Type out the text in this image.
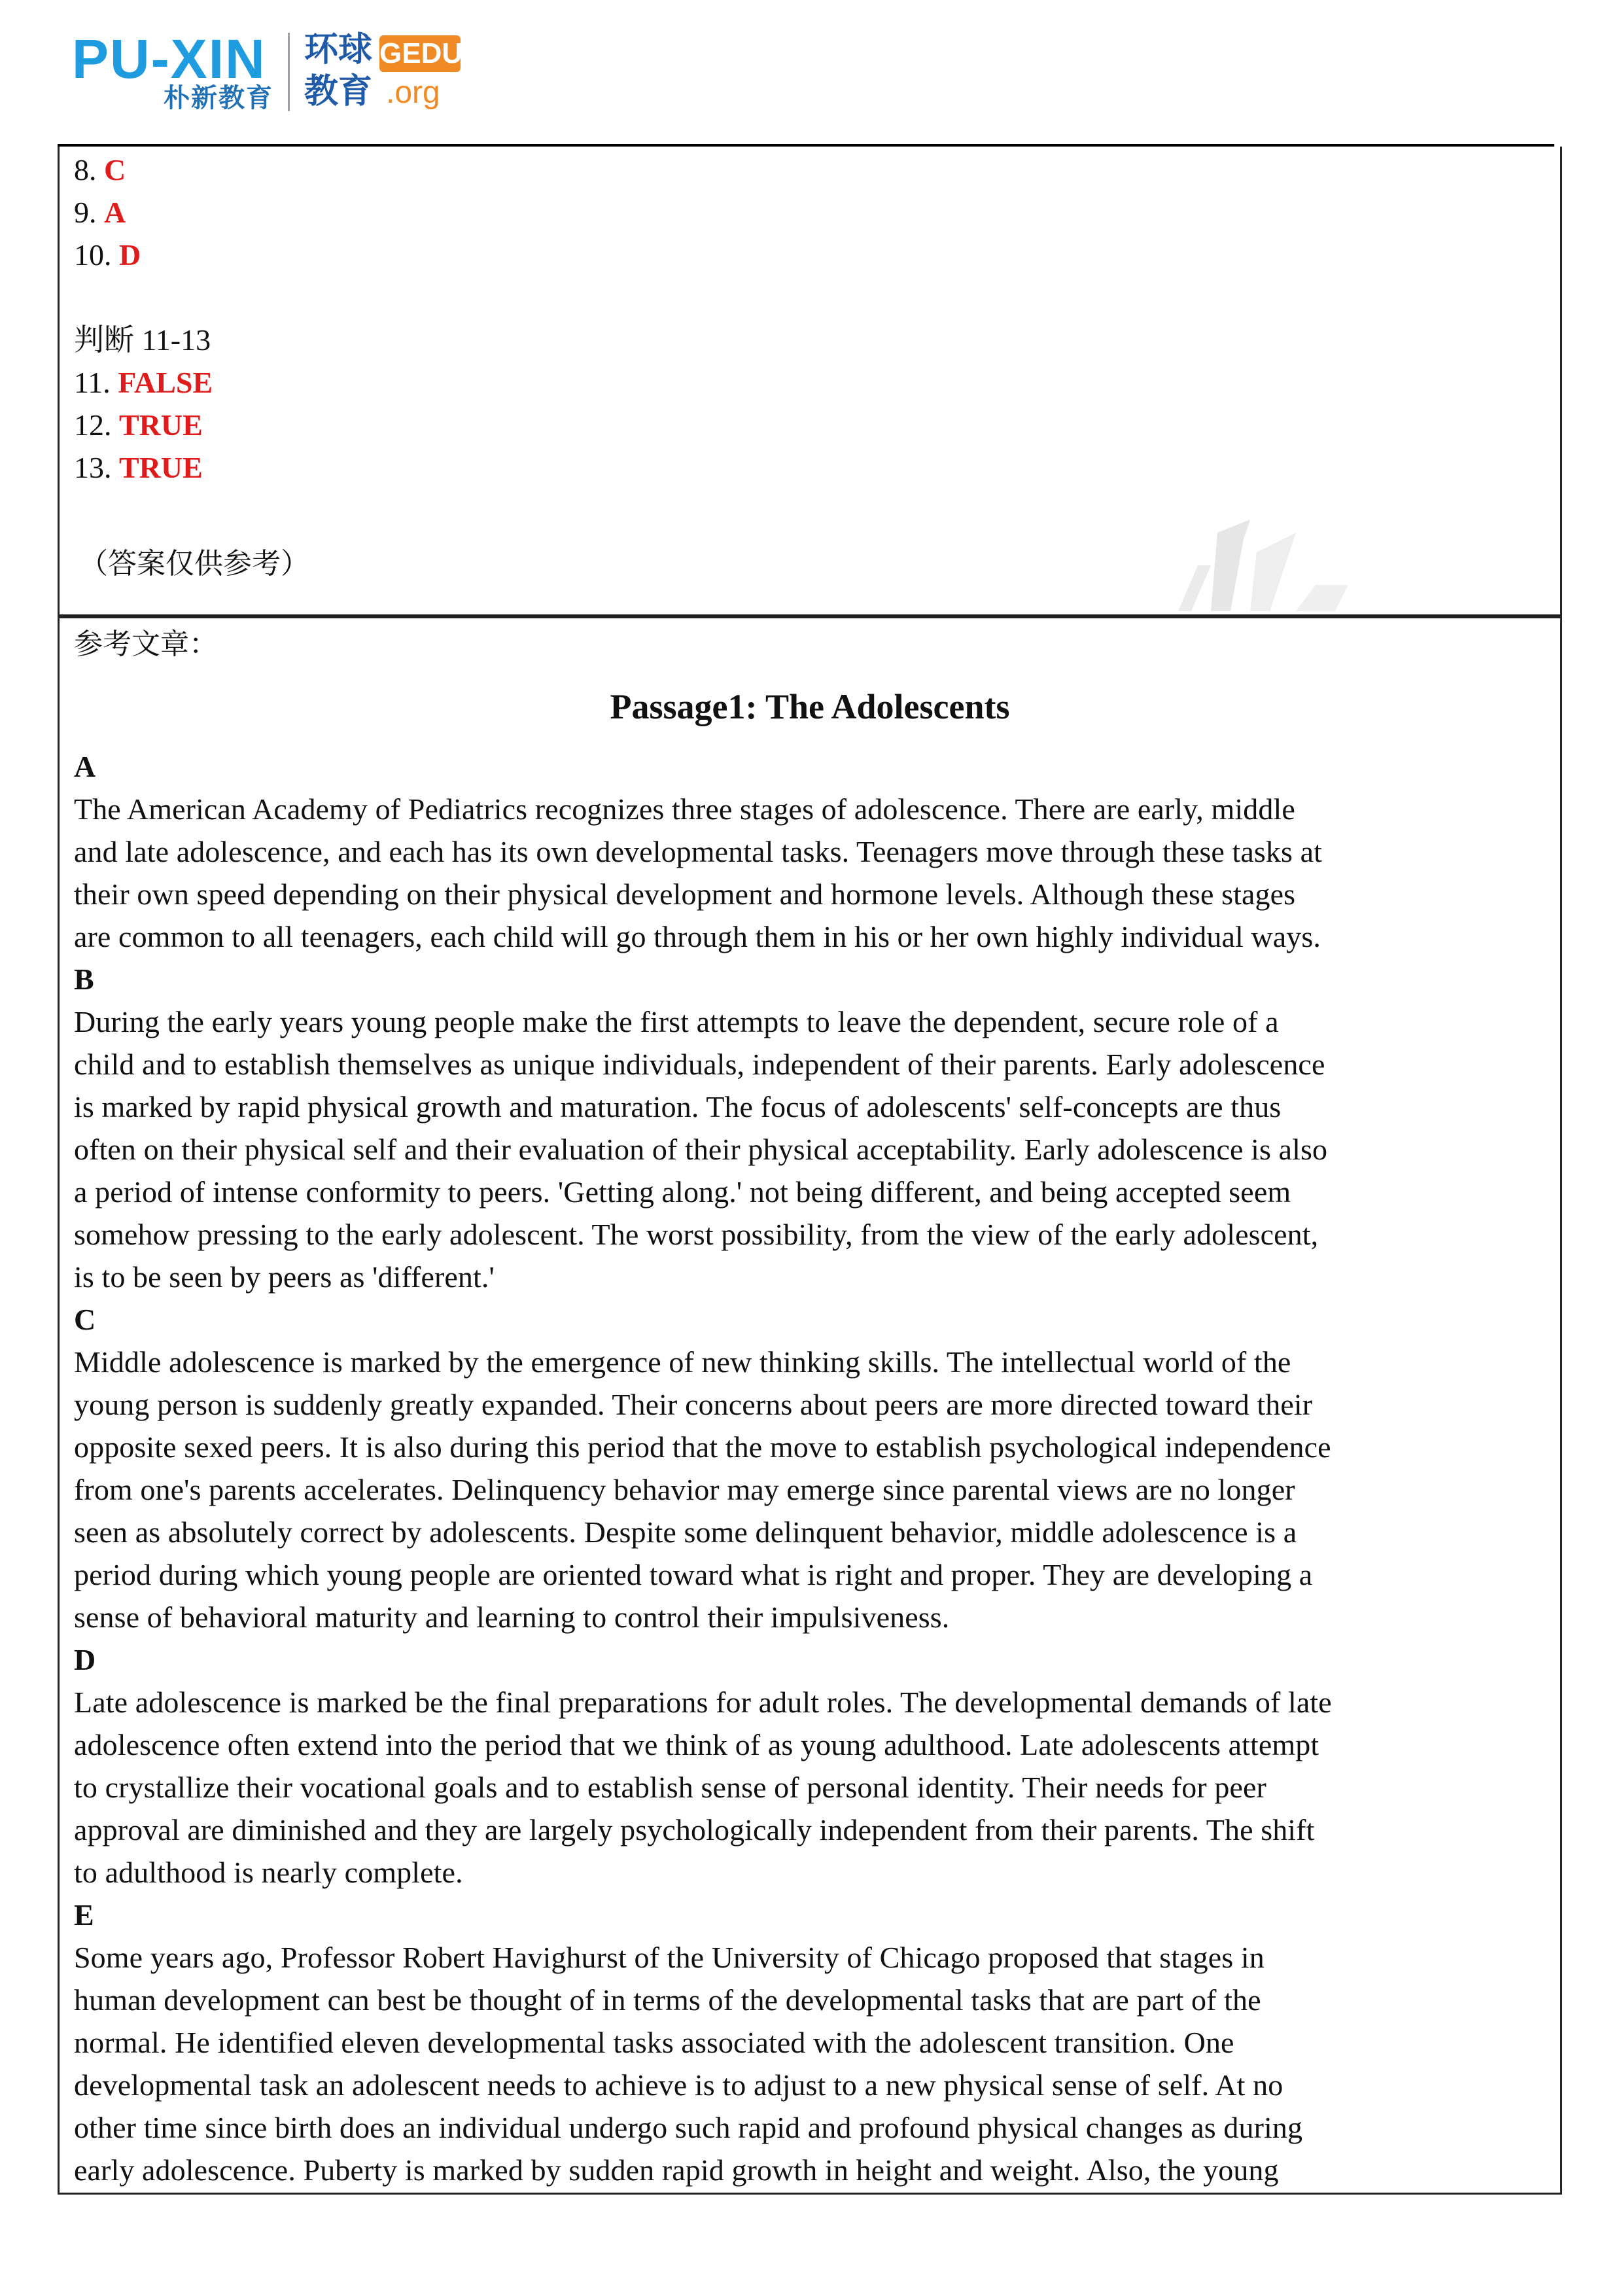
PU-XIN
朴新教育
环球
教育
GEDU
.org
8. C
9. A
10. D
判断 11-13
11. FALSE
12. TRUE
13. TRUE
（答案仅供参考）
参考文章：
Passage1: The Adolescents
A
The American Academy of Pediatrics recognizes three stages of adolescence. There are early, middle
and late adolescence, and each has its own developmental tasks. Teenagers move through these tasks at
their own speed depending on their physical development and hormone levels. Although these stages
are common to all teenagers, each child will go through them in his or her own highly individual ways.
B
During the early years young people make the first attempts to leave the dependent, secure role of a
child and to establish themselves as unique individuals, independent of their parents. Early adolescence
is marked by rapid physical growth and maturation. The focus of adolescents' self-concepts are thus
often on their physical self and their evaluation of their physical acceptability. Early adolescence is also
a period of intense conformity to peers. 'Getting along.' not being different, and being accepted seem
somehow pressing to the early adolescent. The worst possibility, from the view of the early adolescent,
is to be seen by peers as 'different.'
C
Middle adolescence is marked by the emergence of new thinking skills. The intellectual world of the
young person is suddenly greatly expanded. Their concerns about peers are more directed toward their
opposite sexed peers. It is also during this period that the move to establish psychological independence
from one's parents accelerates. Delinquency behavior may emerge since parental views are no longer
seen as absolutely correct by adolescents. Despite some delinquent behavior, middle adolescence is a
period during which young people are oriented toward what is right and proper. They are developing a
sense of behavioral maturity and learning to control their impulsiveness.
D
Late adolescence is marked be the final preparations for adult roles. The developmental demands of late
adolescence often extend into the period that we think of as young adulthood. Late adolescents attempt
to crystallize their vocational goals and to establish sense of personal identity. Their needs for peer
approval are diminished and they are largely psychologically independent from their parents. The shift
to adulthood is nearly complete.
E
Some years ago, Professor Robert Havighurst of the University of Chicago proposed that stages in
human development can best be thought of in terms of the developmental tasks that are part of the
normal. He identified eleven developmental tasks associated with the adolescent transition. One
developmental task an adolescent needs to achieve is to adjust to a new physical sense of self. At no
other time since birth does an individual undergo such rapid and profound physical changes as during
early adolescence. Puberty is marked by sudden rapid growth in height and weight. Also, the young
